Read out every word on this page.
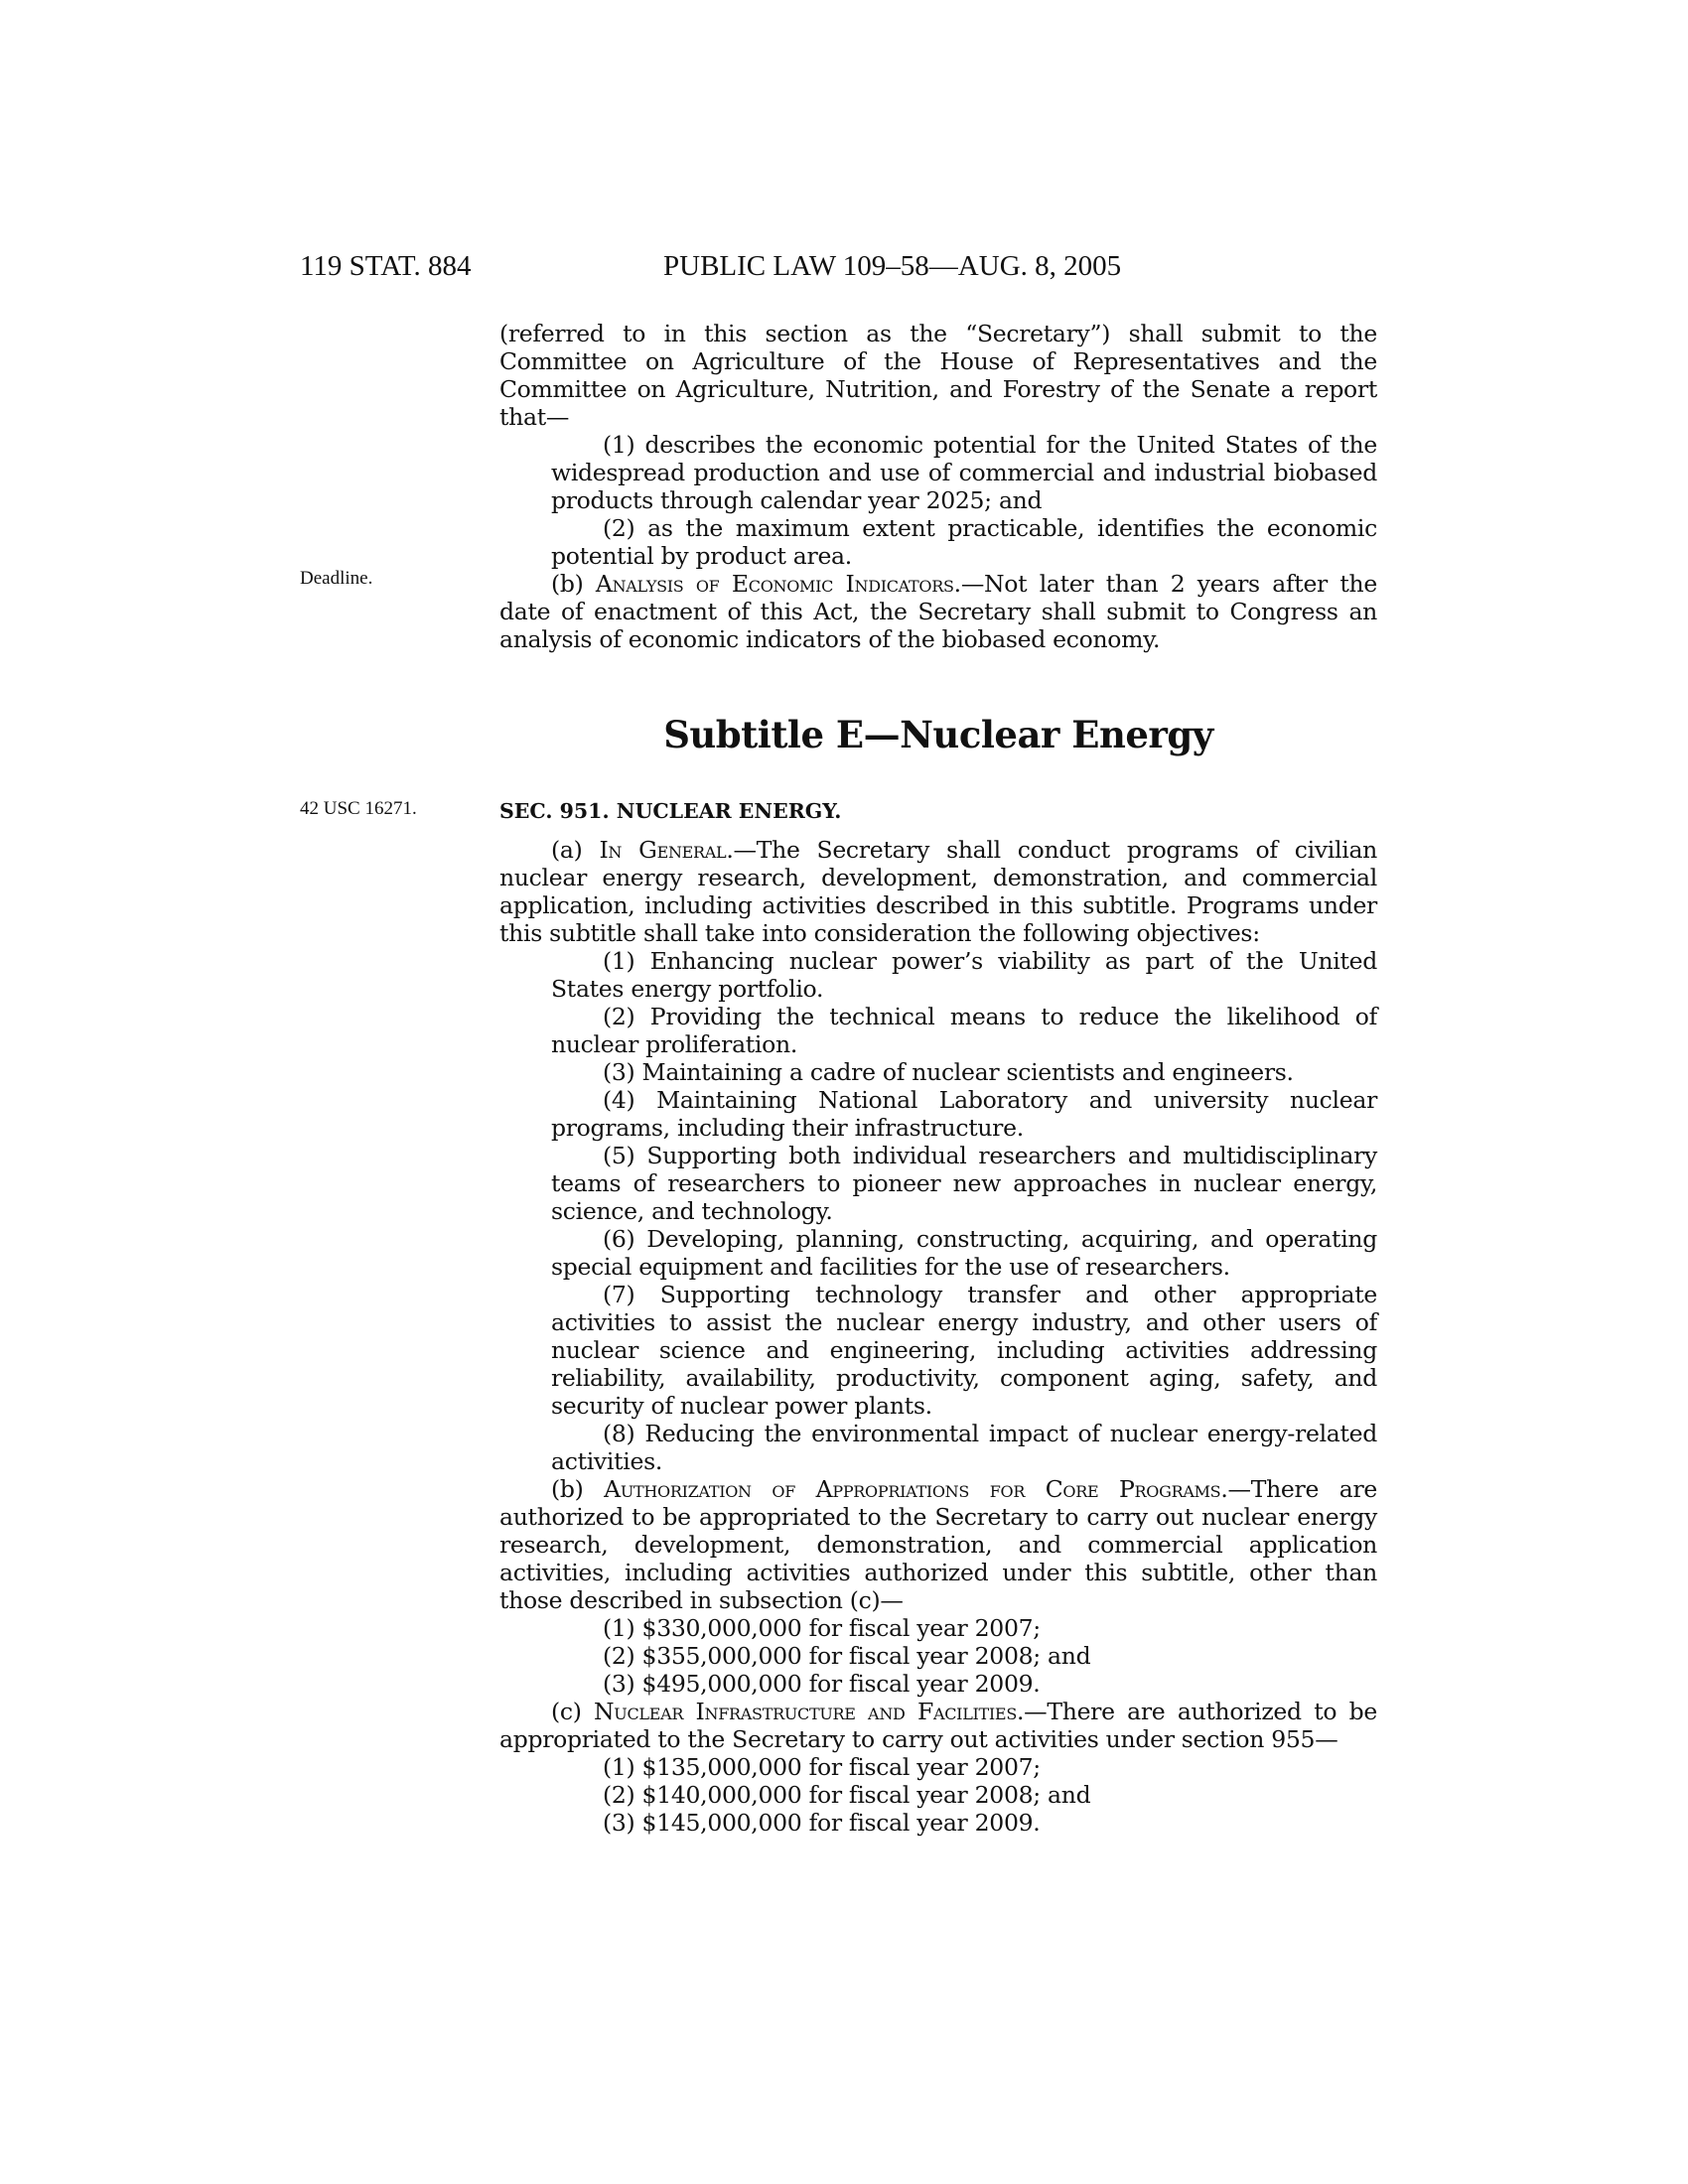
119 STAT. 884	PUBLIC LAW 109–58—AUG. 8, 2005
Deadline.
42 USC 16271.

(referred to in this section as the “Secretary”) shall submit to the Committee on Agriculture of the House of Representatives and the Committee on Agriculture, Nutrition, and Forestry of the Senate a report that—

(1) describes the economic potential for the United States of the widespread production and use of commercial and industrial biobased products through calendar year 2025; and

(2) as the maximum extent practicable, identifies the economic potential by product area.

(b) Analysis of Economic Indicators.—Not later than 2 years after the date of enactment of this Act, the Secretary shall submit to Congress an analysis of economic indicators of the biobased economy.

Subtitle E—Nuclear Energy
SEC. 951. NUCLEAR ENERGY.

(a) In General.—The Secretary shall conduct programs of civilian nuclear energy research, development, demonstration, and commercial application, including activities described in this subtitle. Programs under this subtitle shall take into consideration the following objectives:

(1) Enhancing nuclear power’s viability as part of the United States energy portfolio.

(2) Providing the technical means to reduce the likelihood of nuclear proliferation.

(3) Maintaining a cadre of nuclear scientists and engineers.

(4) Maintaining National Laboratory and university nuclear programs, including their infrastructure.

(5) Supporting both individual researchers and multidisciplinary teams of researchers to pioneer new approaches in nuclear energy, science, and technology.

(6) Developing, planning, constructing, acquiring, and operating special equipment and facilities for the use of researchers.

(7) Supporting technology transfer and other appropriate activities to assist the nuclear energy industry, and other users of nuclear science and engineering, including activities addressing reliability, availability, productivity, component aging, safety, and security of nuclear power plants.

(8) Reducing the environmental impact of nuclear energy-related activities.

(b) Authorization of Appropriations for Core Programs.—There are authorized to be appropriated to the Secretary to carry out nuclear energy research, development, demonstration, and commercial application activities, including activities authorized under this subtitle, other than those described in subsection (c)—

(1) $330,000,000 for fiscal year 2007;

(2) $355,000,000 for fiscal year 2008; and

(3) $495,000,000 for fiscal year 2009.

(c) Nuclear Infrastructure and Facilities.—There are authorized to be appropriated to the Secretary to carry out activities under section 955—

(1) $135,000,000 for fiscal year 2007;

(2) $140,000,000 for fiscal year 2008; and

(3) $145,000,000 for fiscal year 2009.
